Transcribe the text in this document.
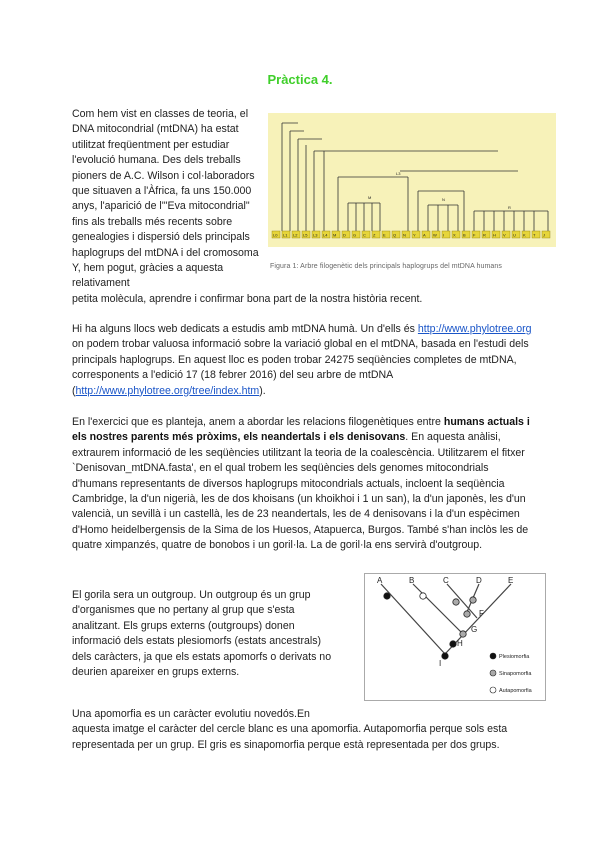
Pràctica 4.

Com hem vist en classes de teoria, el DNA mitocondrial (mtDNA) ha estat utilitzat freqüentment per estudiar l'evolució humana. Des dels treballs pioners de A.C. Wilson i col·laboradors que situaven a l'Àfrica, fa uns 150.000 anys, l'aparició de l'"Eva mitocondrial" fins als treballs més recents sobre genealogies i dispersió dels principals haplogrups del mtDNA i del cromosoma Y, hem pogut, gràcies a aquesta relativament

L3
M	N
R
L0 L1 L2 L5 L3 L4 M D G C Z E Q N Y A W I X B F R H V U K T J
Figura 1: Arbre filogenètic dels principals haplogrups del mtDNA humans

petita molècula, aprendre i confirmar bona part de la nostra història recent.

Hi ha alguns llocs web dedicats a estudis amb mtDNA humà. Un d'ells és http://www.phylotree.org on podem trobar valuosa informació sobre la variació global en el mtDNA, basada en l'estudi dels principals haplogrups. En aquest lloc es poden trobar 24275 seqüències completes de mtDNA, corresponents a l'edició 17 (18 febrer 2016) del seu arbre de mtDNA (http://www.phylotree.org/tree/index.htm).

En l'exercici que es planteja, anem a abordar les relacions filogenètiques entre humans actuals i els nostres parents més pròxims, els neandertals i els denisovans. En aquesta anàlisi, extraurem informació de les seqüències utilitzant la teoria de la coalescència. Utilitzarem el fitxer `Denisovan_mtDNA.fasta', en el qual trobem les seqüències dels genomes mitocondrials d'humans representants de diversos haplogrups mitocondrials actuals, incloent la seqüència Cambridge, la d'un nigerià, les de dos khoisans (un khoikhoi i 1 un san), la d'un japonès, les d'un valencià, un sevillà i un castellà, les de 23 neandertals, les de 4 denisovans i la d'un espècimen d'Homo heidelbergensis de la Sima de los Huesos, Atapuerca, Burgos. També s'han inclòs les de quatre ximpanzés, quatre de bonobos i un goril·la. La de goril·la ens servirà d'outgroup.

El gorila sera un outgroup. Un outgroup és un grup d'organismes que no pertany al grup que s'esta analitzant. Els grups externs (outgroups) donen informació dels estats plesiomorfs (estats ancestrals) dels caràcters, ja que els estats apomorfs o derivats no deurien apareixer en grups externs.

A	B	C	D	E
F
G
H
I
Plesiomorfia
Sinapomorfia
Autapomorfia

Una apomorfia es un caràcter evolutiu novedós.En
aquesta imatge el caràcter del cercle blanc es una apomorfia. Autapomorfia perque sols esta representada per un grup. El gris es sinapomorfia perque està representada per dos grups.
